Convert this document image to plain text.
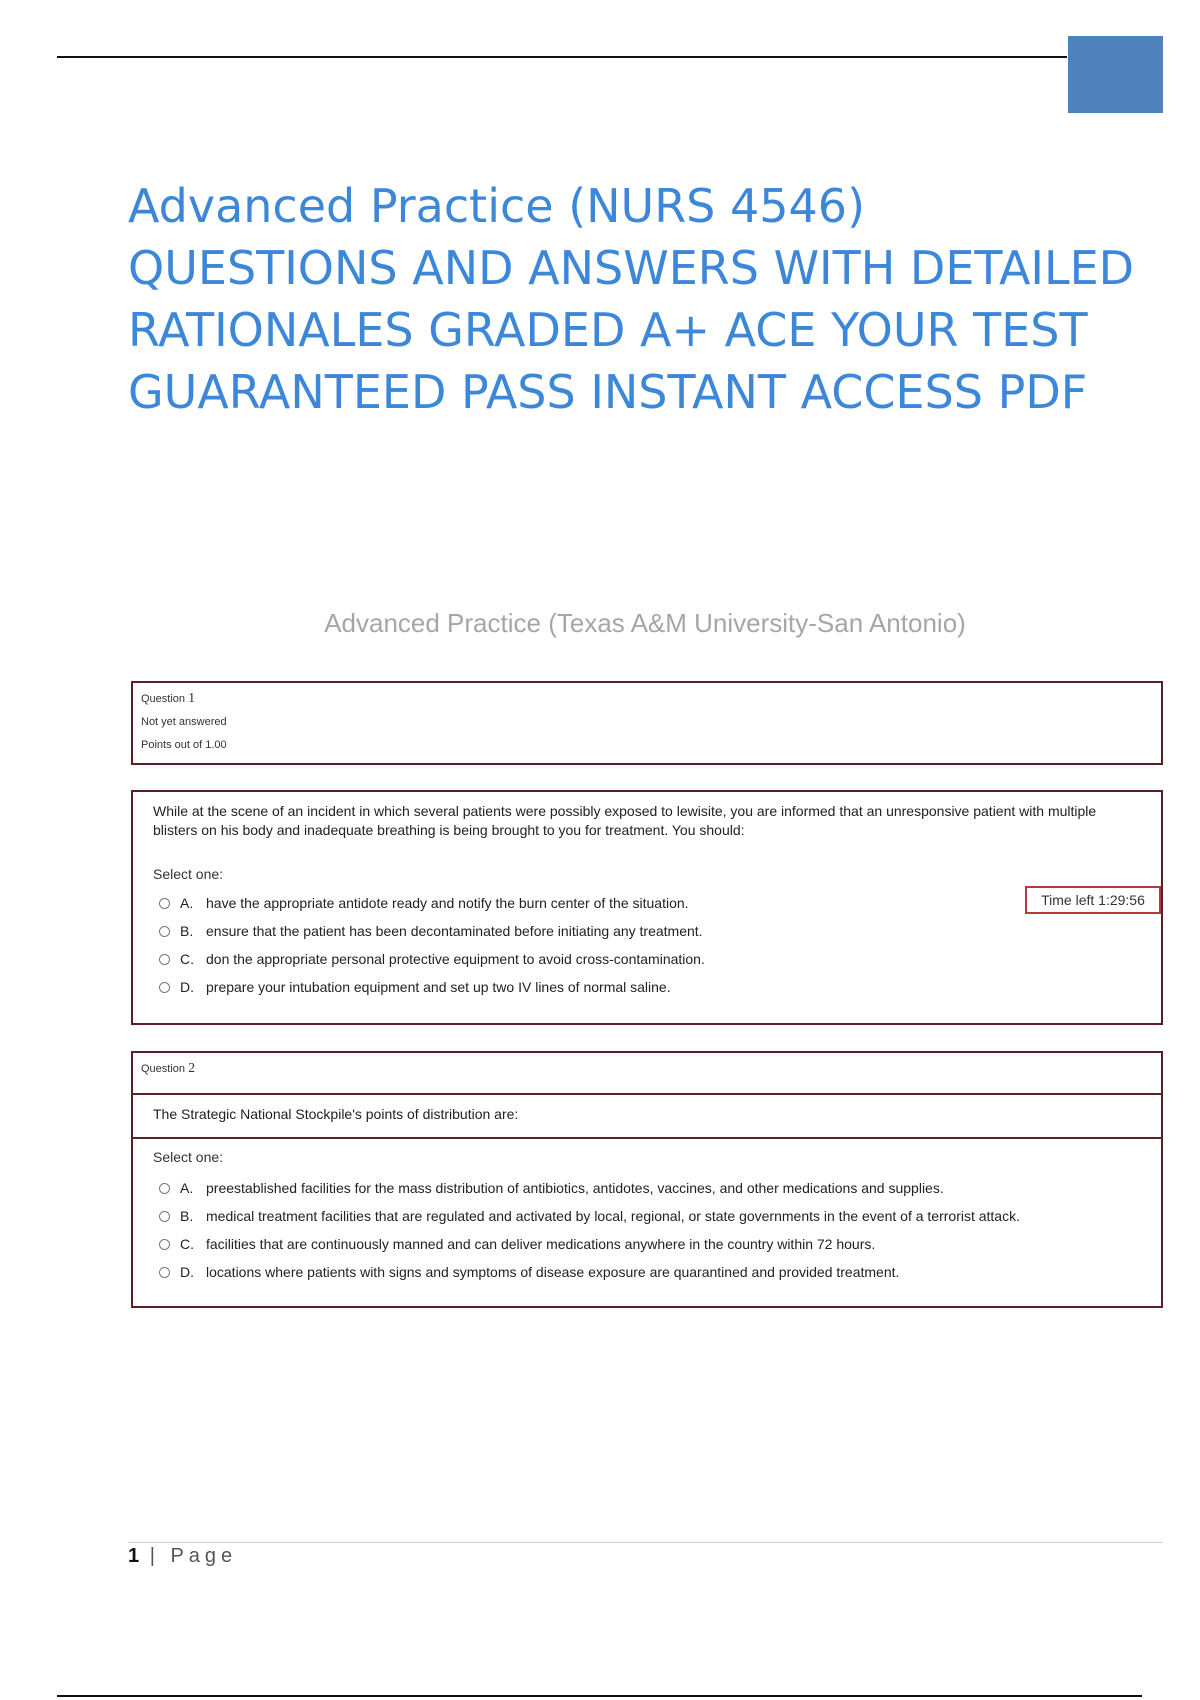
Advanced Practice (NURS 4546) QUESTIONS AND ANSWERS WITH DETAILED RATIONALES GRADED A+ ACE YOUR TEST GUARANTEED PASS INSTANT ACCESS PDF
Advanced Practice (Texas A&M University-San Antonio)
Question 1
Not yet answered
Points out of 1.00
While at the scene of an incident in which several patients were possibly exposed to lewisite, you are informed that an unresponsive patient with multiple blisters on his body and inadequate breathing is being brought to you for treatment. You should:
Select one:
A. have the appropriate antidote ready and notify the burn center of the situation.
B. ensure that the patient has been decontaminated before initiating any treatment.
C. don the appropriate personal protective equipment to avoid cross-contamination.
D. prepare your intubation equipment and set up two IV lines of normal saline.
Time left 1:29:56
Question 2
The Strategic National Stockpile's points of distribution are:
Select one:
A. preestablished facilities for the mass distribution of antibiotics, antidotes, vaccines, and other medications and supplies.
B. medical treatment facilities that are regulated and activated by local, regional, or state governments in the event of a terrorist attack.
C. facilities that are continuously manned and can deliver medications anywhere in the country within 72 hours.
D. locations where patients with signs and symptoms of disease exposure are quarantined and provided treatment.
1 | Page
